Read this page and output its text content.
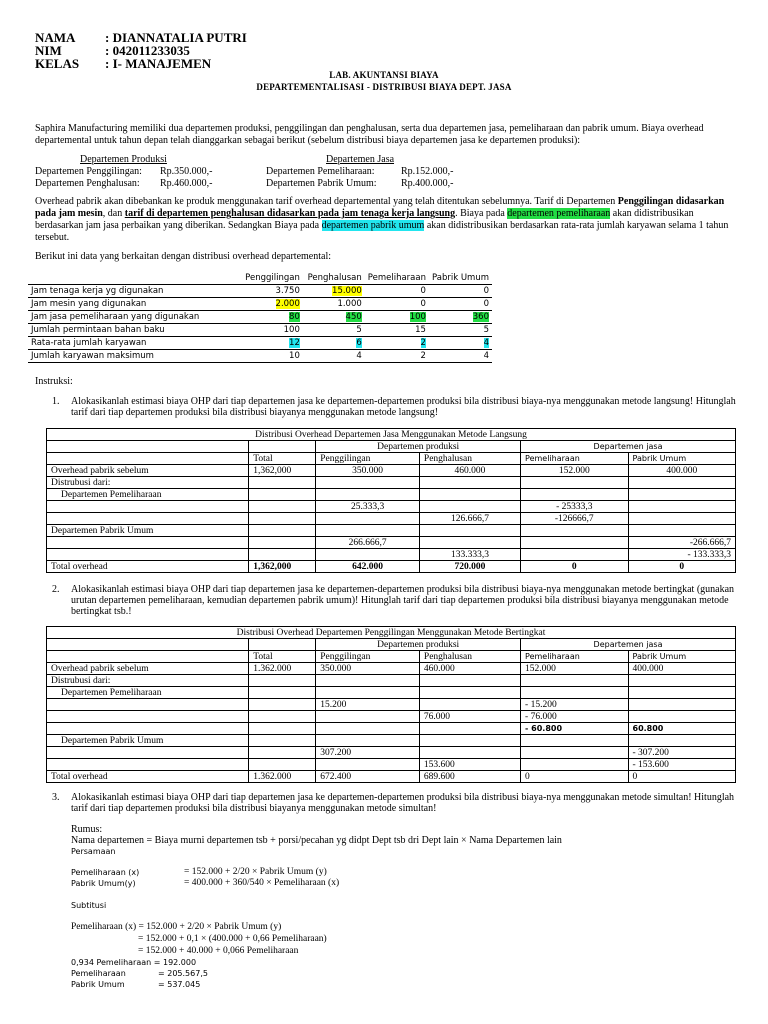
NAMA	: DIANNATALIA PUTRI
NIM	: 042011233035
KELAS	: I- MANAJEMEN
LAB. AKUNTANSI BIAYA
DEPARTEMENTALISASI - DISTRIBUSI BIAYA DEPT. JASA
Saphira Manufacturing memiliki dua departemen produksi, penggilingan dan penghalusan, serta dua departemen jasa, pemeliharaan dan pabrik umum. Biaya overhead departemental untuk tahun depan telah dianggarkan sebagai berikut (sebelum distribusi biaya departemen jasa ke departemen produksi):
Departemen Produksi
Departemen Penggilingan:	Rp.350.000,-
Departemen Penghalusan:	Rp.460.000,-
Departemen Jasa
Departemen Pemeliharaan:	Rp.152.000,-
Departemen Pabrik Umum:	Rp.400.000,-
Overhead pabrik akan dibebankan ke produk menggunakan tarif overhead departemental yang telah ditentukan sebelumnya. Tarif di Departemen Penggilingan didasarkan pada jam mesin, dan tarif di departemen penghalusan didasarkan pada jam tenaga kerja langsung. Biaya pada departemen pemeliharaan akan didistribusikan berdasarkan jam jasa perbaikan yang diberikan. Sedangkan Biaya pada departemen pabrik umum akan didistribusikan berdasarkan rata-rata jumlah karyawan selama 1 tahun tersebut.
Berikut ini data yang berkaitan dengan distribusi overhead departemental:
	Penggilingan	Penghalusan	Pemeliharaan	Pabrik Umum
Jam tenaga kerja yg digunakan	3.750	15.000	0	0
Jam mesin yang digunakan	2.000	1.000	0	0
Jam jasa pemeliharaan yang digunakan	80	450	100	360
Jumlah permintaan bahan baku	100	5	15	5
Rata-rata jumlah karyawan	12	6	2	4
Jumlah karyawan maksimum	10	4	2	4
Instruksi:
1. Alokasikanlah estimasi biaya OHP dari tiap departemen jasa ke departemen-departemen produksi bila distribusi biaya-nya menggunakan metode langsung! Hitunglah tarif dari tiap departemen produksi bila distribusi biayanya menggunakan metode langsung!
Distribusi Overhead Departemen Jasa Menggunakan Metode Langsung					
		Departemen produksi		Departemen jasa	
	Total	Penggilingan	Penghalusan	Pemeliharaan	Pabrik Umum
Overhead pabrik sebelum	1,362,000	350.000	460.000	152.000	400.000
Distrubusi dari:					
Departemen Pemeliharaan					
		25.333,3		- 25333,3	
			126.666,7	-126666,7	
Departemen Pabrik Umum					
		266.666,7			-266.666,7
			133.333,3		- 133.333,3
Total overhead	1,362,000	642.000	720.000	0	0
2. Alokasikanlah estimasi biaya OHP dari tiap departemen jasa ke departemen-departemen produksi bila distribusi biaya-nya menggunakan metode bertingkat (gunakan urutan departemen pemeliharaan, kemudian departemen pabrik umum)! Hitunglah tarif dari tiap departemen produksi bila distribusi biayanya menggunakan metode bertingkat tsb.!
Distribusi Overhead Departemen Penggilingan Menggunakan Metode Bertingkat					
		Departemen produksi		Departemen jasa	
	Total	Penggilingan	Penghalusan	Pemeliharaan	Pabrik Umum
Overhead pabrik sebelum	1.362.000	350.000	460.000	152.000	400.000
Distrubusi dari:					
Departemen Pemeliharaan					
		15.200		- 15.200	
			76.000	- 76.000	
				- 60.800	60.800
Departemen Pabrik Umum					
		307.200			- 307.200
			153.600		- 153.600
Total overhead	1.362.000	672.400	689.600	0	0
3. Alokasikanlah estimasi biaya OHP dari tiap departemen jasa ke departemen-departemen produksi bila distribusi biaya-nya menggunakan metode simultan! Hitunglah tarif dari tiap departemen produksi bila distribusi biayanya menggunakan metode simultan!
Rumus:
Nama departemen = Biaya murni departemen tsb + porsi/pecahan yg didpt Dept tsb dri Dept lain × Nama Departemen lain
Persamaan
Pemeliharaan (x)	= 152.000 + 2/20 × Pabrik Umum (y)
Pabrik Umum(y)	= 400.000 + 360/540 × Pemeliharaan (x)
Subtitusi
Pemeliharaan (x) = 152.000 + 2/20 × Pabrik Umum (y)
= 152.000 + 0,1 × (400.000 + 0,66 Pemeliharaan)
= 152.000 + 40.000 + 0,066 Pemeliharaan
0,934 Pemeliharaan = 192.000
Pemeliharaan	= 205.567,5
Pabrik Umum	= 537.045
